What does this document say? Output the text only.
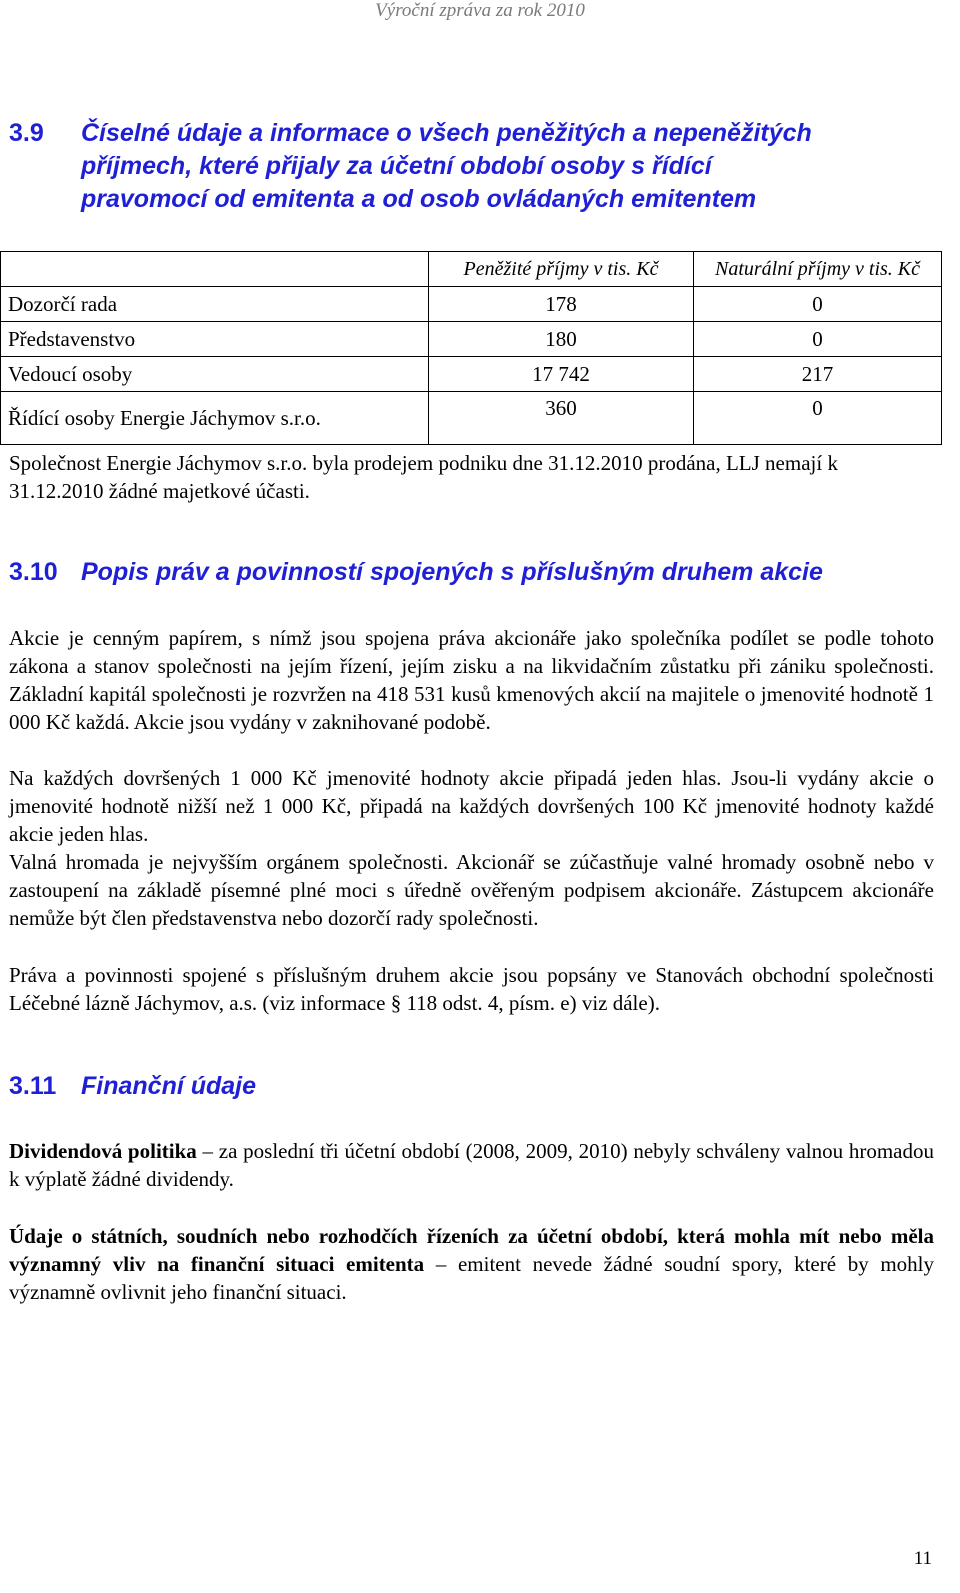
Výroční zpráva za rok 2010
3.9 Číselné údaje a informace o všech peněžitých a nepeněžitých
příjmech, které přijaly za účetní období osoby s řídící
pravomocí od emitenta a od osob ovládaných emitentem
	Peněžité příjmy v tis. Kč	Naturální příjmy v tis. Kč
Dozorčí rada	178	0
Představenstvo	180	0
Vedoucí osoby	17 742	217
Řídící osoby Energie Jáchymov s.r.o.	360	0

Společnost Energie Jáchymov s.r.o. byla prodejem podniku dne 31.12.2010 prodána, LLJ nemají k 31.12.2010 žádné majetkové účasti.

3.10 Popis práv a povinností spojených s příslušným druhem akcie

Akcie je cenným papírem, s nímž jsou spojena práva akcionáře jako společníka podílet se podle tohoto zákona a stanov společnosti na jejím řízení, jejím zisku a na likvidačním zůstatku při zániku společnosti. Základní kapitál společnosti je rozvržen na 418 531 kusů kmenových akcií na majitele o jmenovité hodnotě 1 000 Kč každá. Akcie jsou vydány v zaknihované podobě.

Na každých dovršených 1 000 Kč jmenovité hodnoty akcie připadá jeden hlas. Jsou-li vydány akcie o jmenovité hodnotě nižší než 1 000 Kč, připadá na každých dovršených 100 Kč jmenovité hodnoty každé akcie jeden hlas.

Valná hromada je nejvyšším orgánem společnosti. Akcionář se zúčastňuje valné hromady osobně nebo v zastoupení na základě písemné plné moci s úředně ověřeným podpisem akcionáře. Zástupcem akcionáře nemůže být člen představenstva nebo dozorčí rady společnosti.

Práva a povinnosti spojené s příslušným druhem akcie jsou popsány ve Stanovách obchodní společnosti Léčebné lázně Jáchymov, a.s. (viz informace § 118 odst. 4, písm. e) viz dále).

3.11 Finanční údaje

Dividendová politika – za poslední tři účetní období (2008, 2009, 2010) nebyly schváleny valnou hromadou k výplatě žádné dividendy.

Údaje o státních, soudních nebo rozhodčích řízeních za účetní období, která mohla mít nebo měla významný vliv na finanční situaci emitenta – emitent nevede žádné soudní spory, které by mohly významně ovlivnit jeho finanční situaci.

11
